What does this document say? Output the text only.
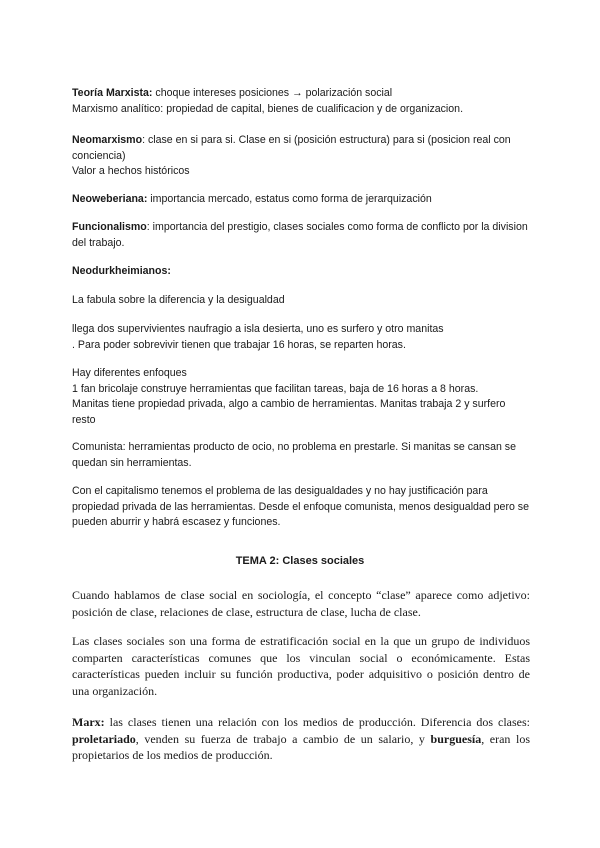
Teoría Marxista: choque intereses posiciones → polarización social
Marxismo analítico: propiedad de capital, bienes de cualificacion y de organizacion.

Neomarxismo: clase en si para si. Clase en si (posición estructura) para si (posicion real con conciencia)
Valor a hechos históricos

Neoweberiana: importancia mercado, estatus como forma de jerarquización

Funcionalismo: importancia del prestigio, clases sociales como forma de conflicto por la division del trabajo.

Neodurkheimianos:

La fabula sobre la diferencia y la desigualdad

llega dos supervivientes naufragio a isla desierta, uno es surfero y otro manitas
. Para poder sobrevivir tienen que trabajar 16 horas, se reparten horas.

Hay diferentes enfoques
1 fan bricolaje construye herramientas que facilitan tareas, baja de 16 horas a 8 horas.
Manitas tiene propiedad privada, algo a cambio de herramientas. Manitas trabaja 2 y surfero resto

Comunista: herramientas producto de ocio, no problema en prestarle. Si manitas se cansan se quedan sin herramientas.

Con el capitalismo tenemos el problema de las desigualdades y no hay justificación para propiedad privada de las herramientas. Desde el enfoque comunista, menos desigualdad pero se pueden aburrir y habrá escasez y funciones.

TEMA 2: Clases sociales

Cuando hablamos de clase social en sociología, el concepto “clase” aparece como adjetivo: posición de clase, relaciones de clase, estructura de clase, lucha de clase.

Las clases sociales son una forma de estratificación social en la que un grupo de individuos comparten características comunes que los vinculan social o económicamente. Estas características pueden incluir su función productiva, poder adquisitivo o posición dentro de una organización.

Marx: las clases tienen una relación con los medios de producción. Diferencia dos clases: proletariado, venden su fuerza de trabajo a cambio de un salario, y burguesía, eran los propietarios de los medios de producción.
